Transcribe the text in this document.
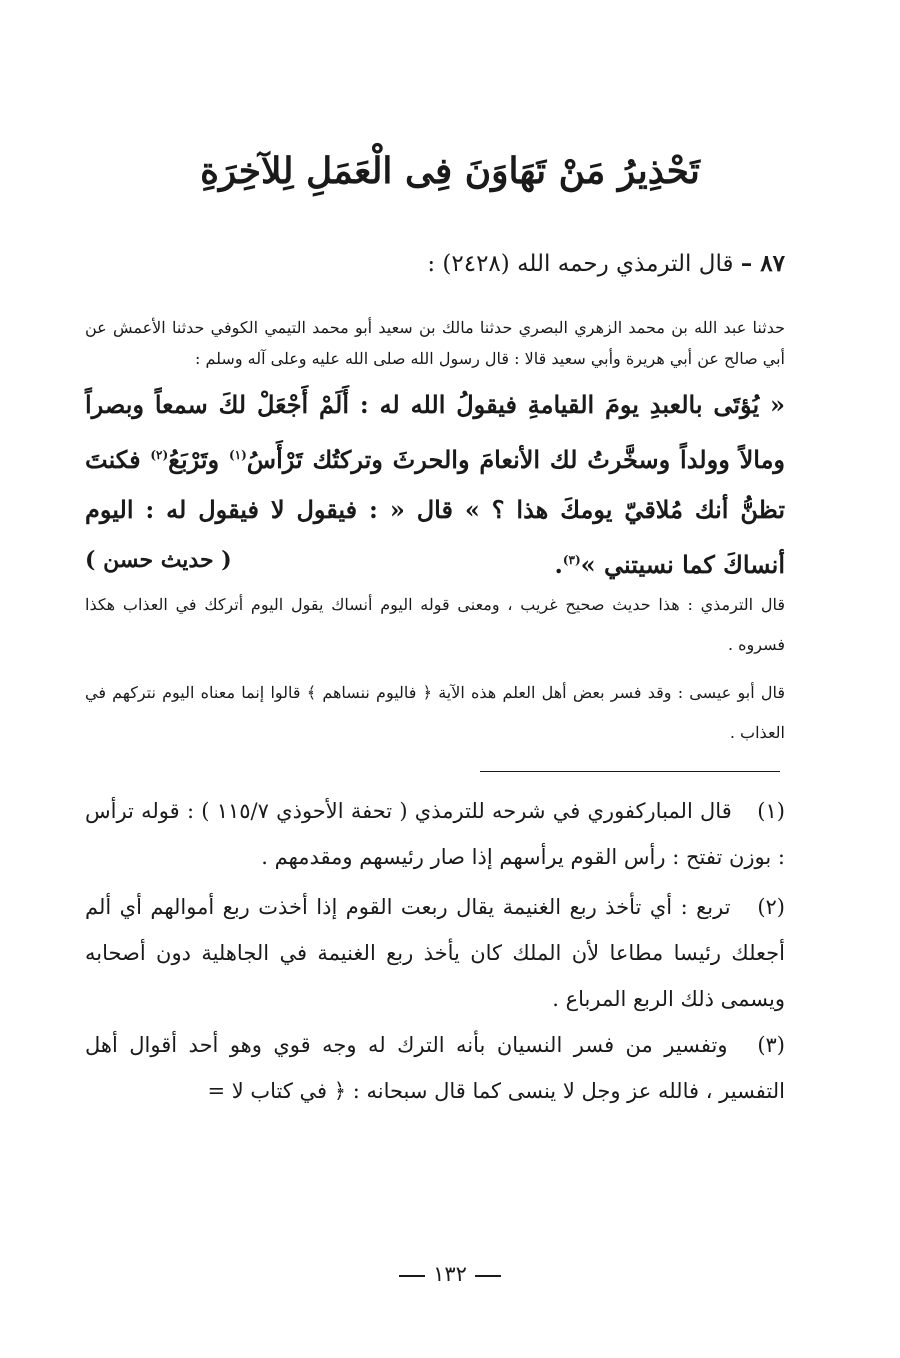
تَحْذِيرُ مَنْ تَهَاوَنَ فِى الْعَمَلِ لِلآخِرَةِ
٨٧ – قال الترمذي رحمه الله (٢٤٢٨) :
حدثنا عبد الله بن محمد الزهري البصري حدثنا مالك بن سعيد أبو محمد التيمي الكوفي حدثنا الأعمش عن أبي صالح عن أبي هريرة وأبي سعيد قالا : قال رسول الله صلى الله عليه وعلى آله وسلم :
« يُؤتَى بالعبدِ يومَ القيامةِ فيقولُ الله له : أَلَمْ أَجْعَلْ لكَ سمعاً وبصراً ومالاً وولداً وسخَّرتُ لك الأنعامَ والحرثَ وتركتُك تَرْأَسُ$^{(١)}$ وتَرْبَعُ$^{(٢)}$ فكنتَ تظنُّ أنك مُلاقيّ يومكَ هذا ؟ » قال « : فيقول لا فيقول له : اليوم أنساكَ كما نسيتني »$^{(٣)}$.
( حديث حسن )
قال الترمذي : هذا حديث صحيح غريب ، ومعنى قوله اليوم أنساك يقول اليوم أتركك في العذاب هكذا فسروه .
قال أبو عيسى : وقد فسر بعض أهل العلم هذه الآية ﴿ فاليوم ننساهم ﴾ قالوا إنما معناه اليوم نتركهم في العذاب .
(١) قال المباركفوري في شرحه للترمذي ( تحفة الأحوذي ١١٥/٧ ) : قوله ترأس : بوزن تفتح : رأس القوم يرأسهم إذا صار رئيسهم ومقدمهم .
(٢) تربع : أي تأخذ ربع الغنيمة يقال ربعت القوم إذا أخذت ربع أموالهم أي ألم أجعلك رئيسا مطاعا لأن الملك كان يأخذ ربع الغنيمة في الجاهلية دون أصحابه ويسمى ذلك الربع المرباع .
(٣) وتفسير من فسر النسيان بأنه الترك له وجه قوي وهو أحد أقوال أهل التفسير ، فالله عز وجل لا ينسى كما قال سبحانه : ﴿ في كتاب لا =
١٣٢
